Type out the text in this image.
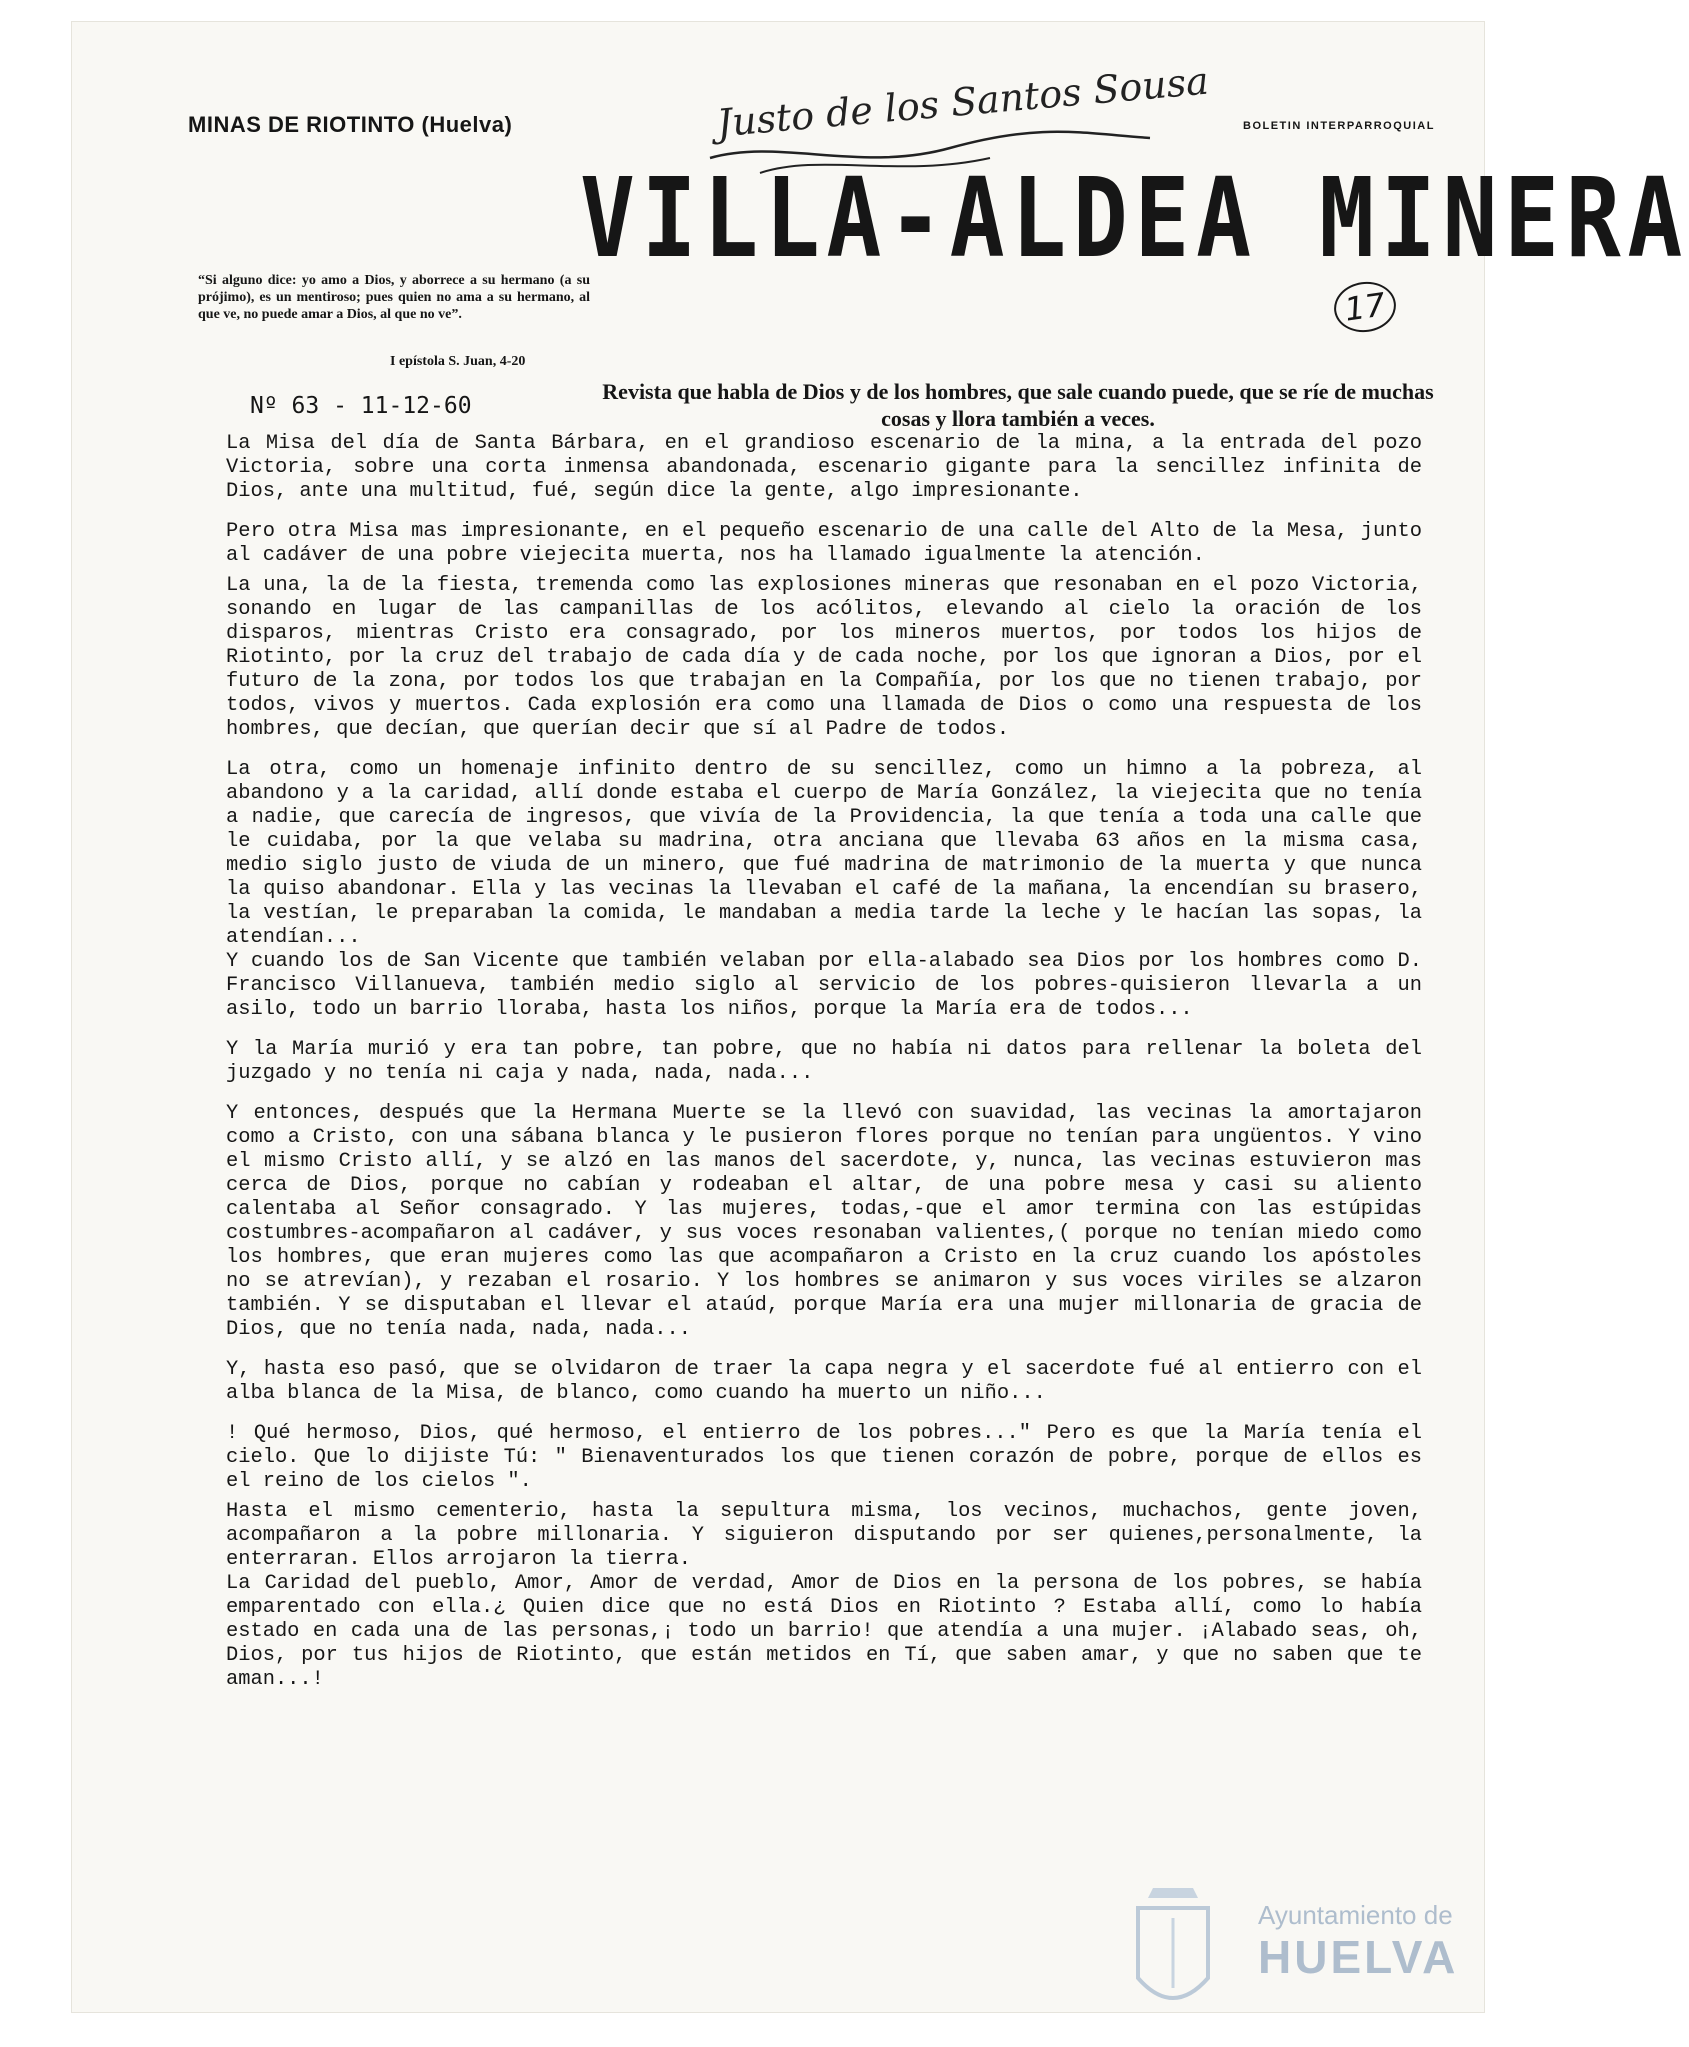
MINAS DE RIOTINTO (Huelva)	BOLETIN INTERPARROQUIAL
Justo de los Santos Sousa
VILLA-ALDEA MINERA
“Si alguno dice: yo amo a Dios, y aborrece a su hermano (a su prójimo), es un mentiroso; pues quien no ama a su hermano, al que ve, no puede amar a Dios, al que no ve”.
I epístola S. Juan, 4-20
17
Nº 63 - 11-12-60
Revista que habla de Dios y de los hombres, que sale cuando puede, que se ríe de muchas cosas y llora también a veces.

La Misa del día de Santa Bárbara, en el grandioso escenario de la mina, a la entrada del pozo Victoria, sobre una corta inmensa abandonada, escenario gigante para la sencillez infinita de Dios, ante una multitud, fué, según dice la gente, algo impresionante.

Pero otra Misa mas impresionante, en el pequeño escenario de una calle del Alto de la Mesa, junto al cadáver de una pobre viejecita muerta, nos ha llamado igualmente la atención.

La una, la de la fiesta, tremenda como las explosiones mineras que resonaban en el pozo Victoria, sonando en lugar de las campanillas de los acólitos, elevando al cielo la oración de los disparos, mientras Cristo era consagrado, por los mineros muertos, por todos los hijos de Riotinto, por la cruz del trabajo de cada día y de cada noche, por los que ignoran a Dios, por el futuro de la zona, por todos los que trabajan en la Compañía, por los que no tienen trabajo, por todos, vivos y muertos. Cada explosión era como una llamada de Dios o como una respuesta de los hombres, que decían, que querían decir que sí al Padre de todos.

La otra, como un homenaje infinito dentro de su sencillez, como un himno a la pobreza, al abandono y a la caridad, allí donde estaba el cuerpo de María González, la viejecita que no tenía a nadie, que carecía de ingresos, que vivía de la Providencia, la que tenía a toda una calle que le cuidaba, por la que velaba su madrina, otra anciana que llevaba 63 años en la misma casa, medio siglo justo de viuda de un minero, que fué madrina de matrimonio de la muerta y que nunca la quiso abandonar. Ella y las vecinas la llevaban el café de la mañana, la encendían su brasero, la vestían, le preparaban la comida, le mandaban a media tarde la leche y le hacían las sopas, la atendían...

Y cuando los de San Vicente que también velaban por ella-alabado sea Dios por los hombres como D. Francisco Villanueva, también medio siglo al servicio de los pobres-quisieron llevarla a un asilo, todo un barrio lloraba, hasta los niños, porque la María era de todos...

Y la María murió y era tan pobre, tan pobre, que no había ni datos para rellenar la boleta del juzgado y no tenía ni caja y nada, nada, nada...

Y entonces, después que la Hermana Muerte se la llevó con suavidad, las vecinas la amortajaron como a Cristo, con una sábana blanca y le pusieron flores porque no tenían para ungüentos. Y vino el mismo Cristo allí, y se alzó en las manos del sacerdote, y, nunca, las vecinas estuvieron mas cerca de Dios, porque no cabían y rodeaban el altar, de una pobre mesa y casi su aliento calentaba al Señor consagrado. Y las mujeres, todas,-que el amor termina con las estúpidas costumbres-acompañaron al cadáver, y sus voces resonaban valientes,( porque no tenían miedo como los hombres, que eran mujeres como las que acompañaron a Cristo en la cruz cuando los apóstoles no se atrevían), y rezaban el rosario. Y los hombres se animaron y sus voces viriles se alzaron también. Y se disputaban el llevar el ataúd, porque María era una mujer millonaria de gracia de Dios, que no tenía nada, nada, nada...

Y, hasta eso pasó, que se olvidaron de traer la capa negra y el sacerdote fué al entierro con el alba blanca de la Misa, de blanco, como cuando ha muerto un niño...

! Qué hermoso, Dios, qué hermoso, el entierro de los pobres..." Pero es que la María tenía el cielo. Que lo dijiste Tú: " Bienaventurados los que tienen corazón de pobre, porque de ellos es el reino de los cielos ".

Hasta el mismo cementerio, hasta la sepultura misma, los vecinos, muchachos, gente joven, acompañaron a la pobre millonaria. Y siguieron disputando por ser quienes,personalmente, la enterraran. Ellos arrojaron la tierra.

La Caridad del pueblo, Amor, Amor de verdad, Amor de Dios en la persona de los pobres, se había emparentado con ella.¿ Quien dice que no está Dios en Riotinto ? Estaba allí, como lo había estado en cada una de las personas,¡ todo un barrio! que atendía a una mujer. ¡Alabado seas, oh, Dios, por tus hijos de Riotinto, que están metidos en Tí, que saben amar, y que no saben que te aman...!

Ayuntamiento de
HUELVA
